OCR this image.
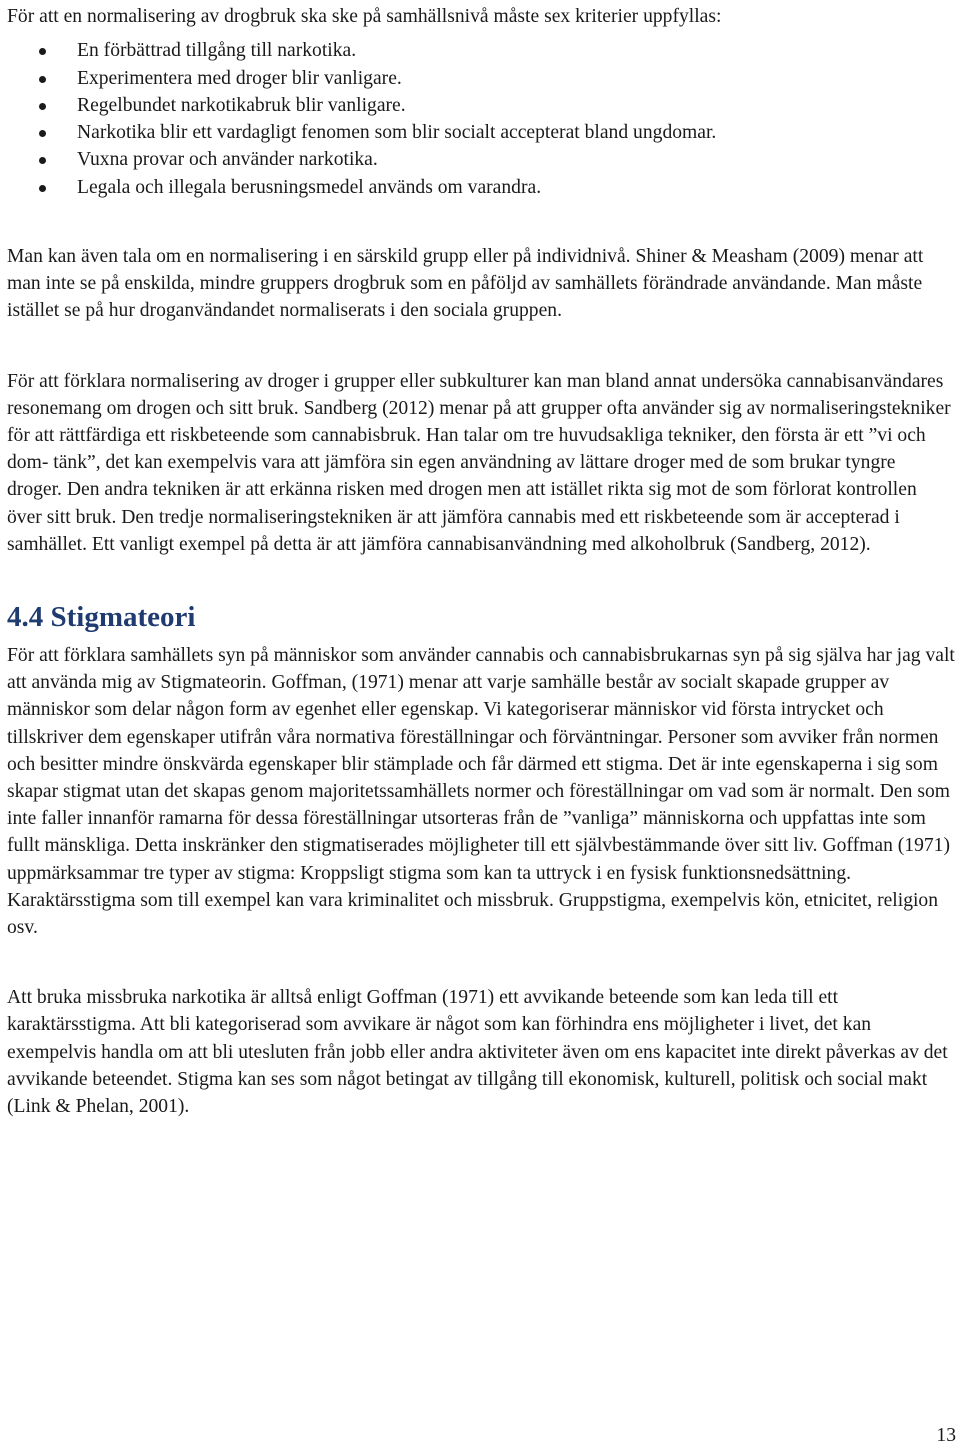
För att en normalisering av drogbruk ska ske på samhällsnivå måste sex kriterier uppfyllas:

En förbättrad tillgång till narkotika.
Experimentera med droger blir vanligare.
Regelbundet narkotikabruk blir vanligare.
Narkotika blir ett vardagligt fenomen som blir socialt accepterat bland ungdomar.
Vuxna provar och använder narkotika.
Legala och illegala berusningsmedel används om varandra.

Man kan även tala om en normalisering i en särskild grupp eller på individnivå. Shiner & Measham (2009) menar att man inte se på enskilda, mindre gruppers drogbruk som en påföljd av samhällets förändrade användande. Man måste istället se på hur droganvändandet normaliserats i den sociala gruppen.

För att förklara normalisering av droger i grupper eller subkulturer kan man bland annat undersöka cannabisanvändares resonemang om drogen och sitt bruk. Sandberg (2012) menar på att grupper ofta använder sig av normaliseringstekniker för att rättfärdiga ett riskbeteende som cannabisbruk. Han talar om tre huvudsakliga tekniker, den första är ett ”vi och dom- tänk”, det kan exempelvis vara att jämföra sin egen användning av lättare droger med de som brukar tyngre droger. Den andra tekniken är att erkänna risken med drogen men att istället rikta sig mot de som förlorat kontrollen över sitt bruk. Den tredje normaliseringstekniken är att jämföra cannabis med ett riskbeteende som är accepterad i samhället. Ett vanligt exempel på detta är att jämföra cannabisanvändning med alkoholbruk (Sandberg, 2012).

4.4 Stigmateori

För att förklara samhällets syn på människor som använder cannabis och cannabisbrukarnas syn på sig själva har jag valt att använda mig av Stigmateorin. Goffman, (1971) menar att varje samhälle består av socialt skapade grupper av människor som delar någon form av egenhet eller egenskap. Vi kategoriserar människor vid första intrycket och tillskriver dem egenskaper utifrån våra normativa föreställningar och förväntningar. Personer som avviker från normen och besitter mindre önskvärda egenskaper blir stämplade och får därmed ett stigma. Det är inte egenskaperna i sig som skapar stigmat utan det skapas genom majoritetssamhällets normer och föreställningar om vad som är normalt. Den som inte faller innanför ramarna för dessa föreställningar utsorteras från de ”vanliga” människorna och uppfattas inte som fullt mänskliga. Detta inskränker den stigmatiserades möjligheter till ett självbestämmande över sitt liv. Goffman (1971) uppmärksammar tre typer av stigma: Kroppsligt stigma som kan ta uttryck i en fysisk funktionsnedsättning. Karaktärsstigma som till exempel kan vara kriminalitet och missbruk. Gruppstigma, exempelvis kön, etnicitet, religion osv.

Att bruka missbruka narkotika är alltså enligt Goffman (1971) ett avvikande beteende som kan leda till ett karaktärsstigma. Att bli kategoriserad som avvikare är något som kan förhindra ens möjligheter i livet, det kan exempelvis handla om att bli utesluten från jobb eller andra aktiviteter även om ens kapacitet inte direkt påverkas av det avvikande beteendet. Stigma kan ses som något betingat av tillgång till ekonomisk, kulturell, politisk och social makt (Link & Phelan, 2001).

13
